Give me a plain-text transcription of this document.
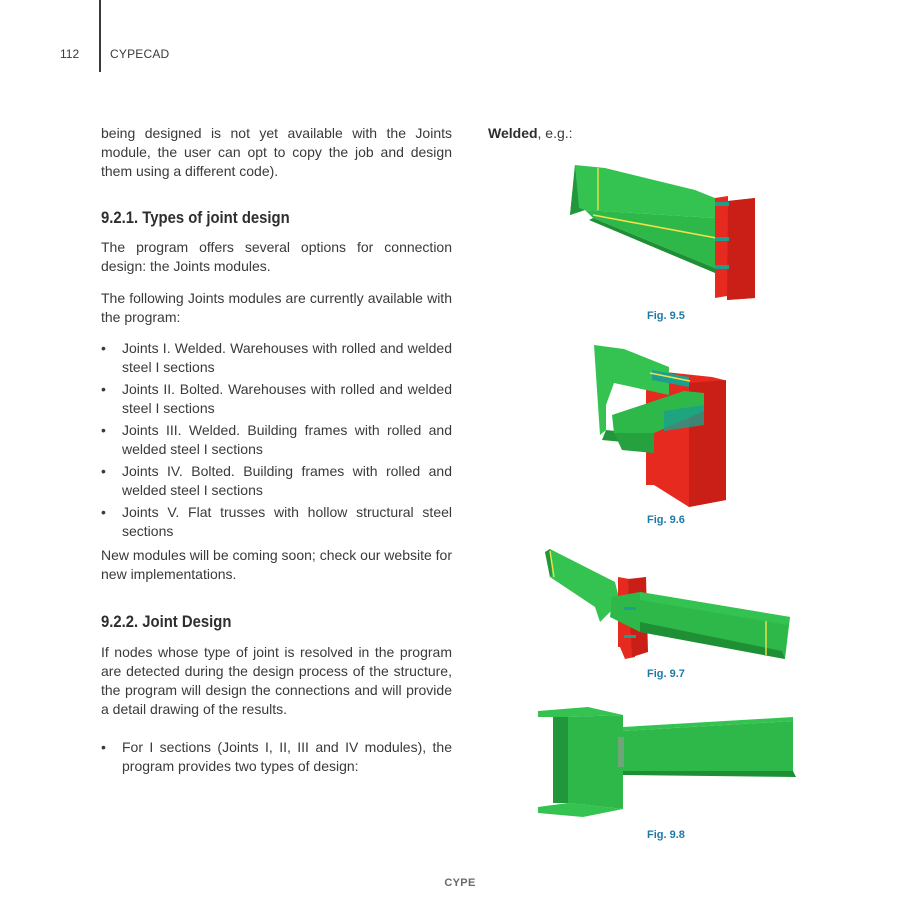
112	CYPECAD

being designed is not yet available with the Joints module, the user can opt to copy the job and design them using a different code).

9.2.1. Types of joint design

The program offers several options for connection design: the Joints modules.

The following Joints modules are currently available with the program:

• Joints I. Welded. Warehouses with rolled and welded steel I sections
• Joints II. Bolted. Warehouses with rolled and welded steel I sections
• Joints III. Welded. Building frames with rolled and welded steel I sections
• Joints IV. Bolted. Building frames with rolled and welded steel I sections
• Joints V. Flat trusses with hollow structural steel sections

New modules will be coming soon; check our website for new implementations.

9.2.2. Joint Design

If nodes whose type of joint is resolved in the program are detected during the design process of the structure, the program will design the connections and will provide a detail drawing of the results.

• For I sections (Joints I, II, III and IV modules), the program provides two types of design:
Welded, e.g.:
Fig. 9.5
Fig. 9.6
Fig. 9.7
Fig. 9.8
CYPE
